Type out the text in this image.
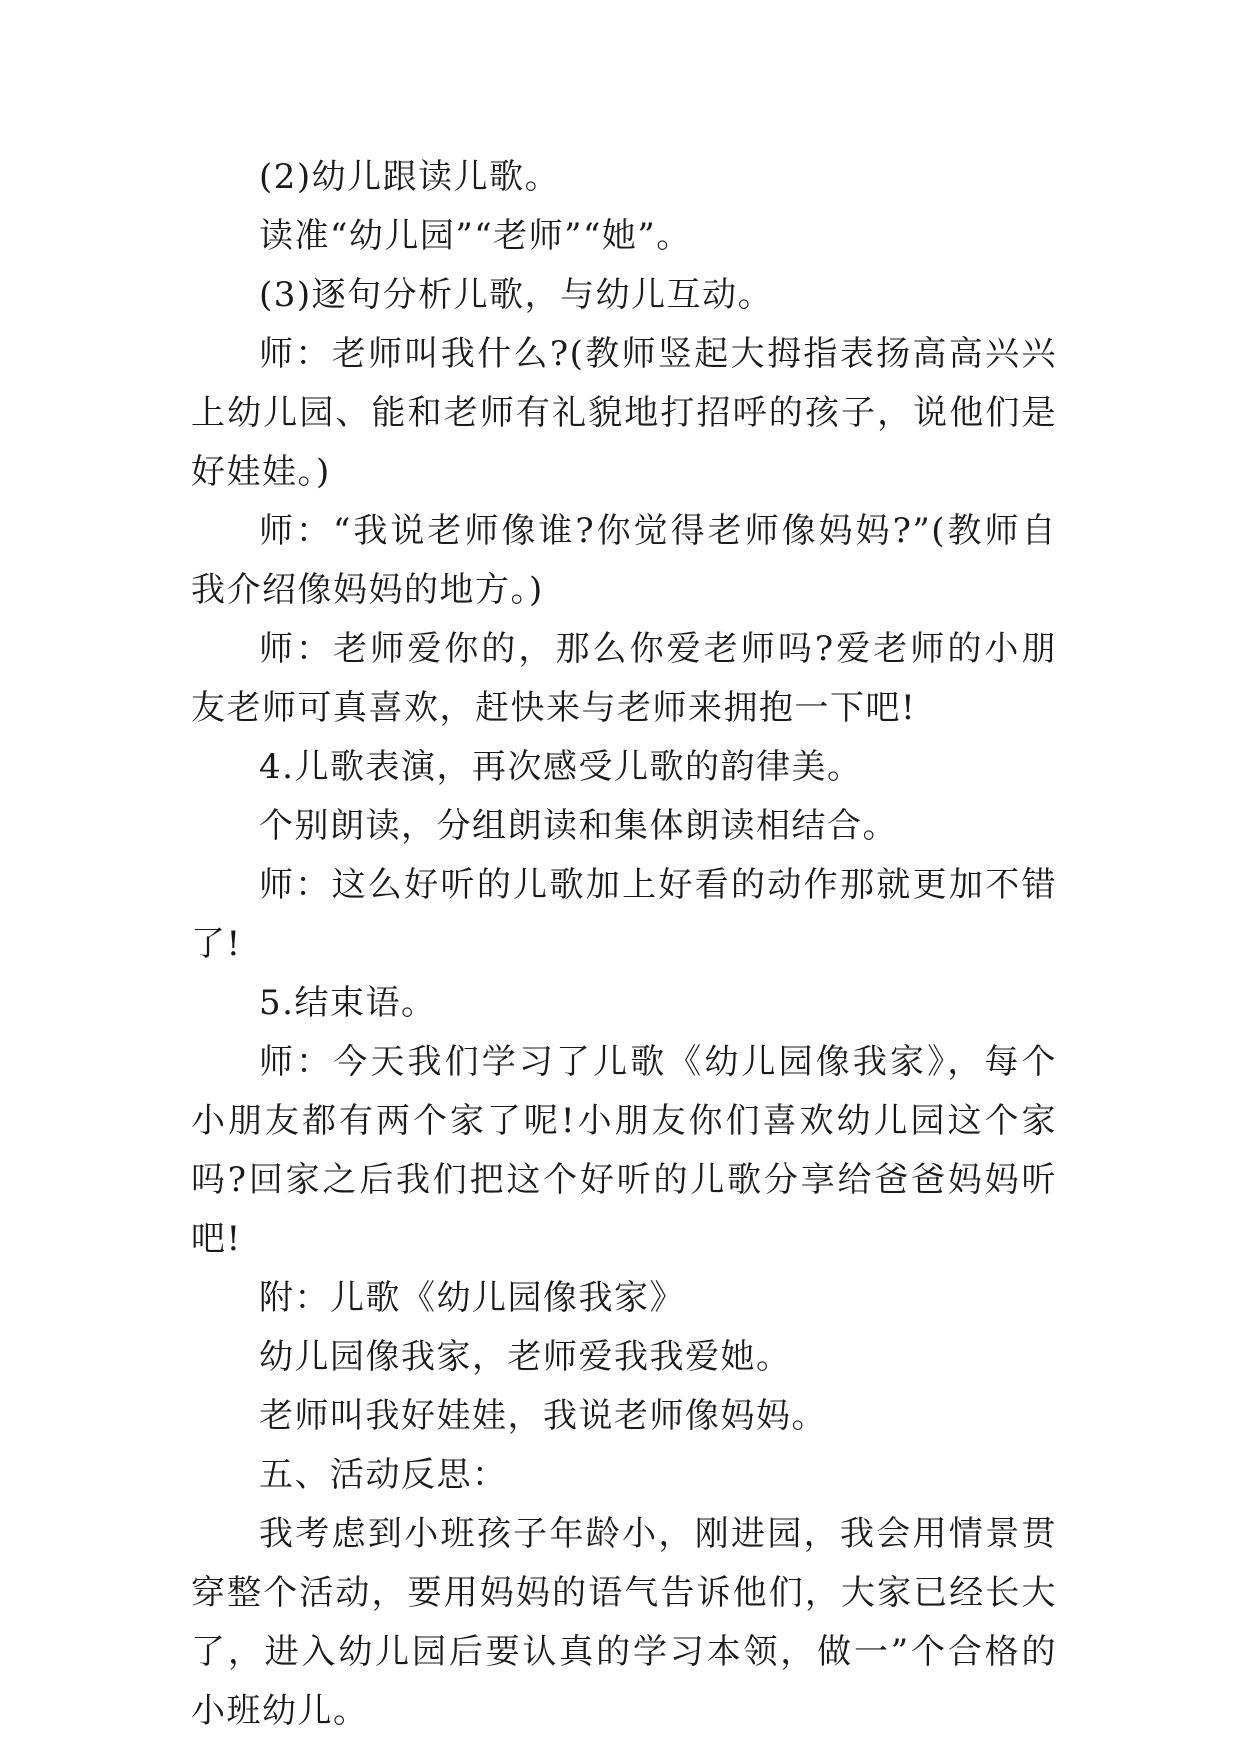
(2)幼儿跟读儿歌。

读准“幼儿园”“老师”“她”。

(3)逐句分析儿歌，与幼儿互动。

师：老师叫我什么?(教师竖起大拇指表扬高高兴兴上幼儿园、能和老师有礼貌地打招呼的孩子，说他们是好娃娃。)

师：“我说老师像谁?你觉得老师像妈妈?”(教师自我介绍像妈妈的地方。)

师：老师爱你的，那么你爱老师吗?爱老师的小朋友老师可真喜欢，赶快来与老师来拥抱一下吧!

4.儿歌表演，再次感受儿歌的韵律美。

个别朗读，分组朗读和集体朗读相结合。

师：这么好听的儿歌加上好看的动作那就更加不错了!

5.结束语。

师：今天我们学习了儿歌《幼儿园像我家》，每个小朋友都有两个家了呢!小朋友你们喜欢幼儿园这个家吗?回家之后我们把这个好听的儿歌分享给爸爸妈妈听吧!

附：儿歌《幼儿园像我家》

幼儿园像我家，老师爱我我爱她。

老师叫我好娃娃，我说老师像妈妈。

五、活动反思：

我考虑到小班孩子年龄小，刚进园，我会用情景贯穿整个活动，要用妈妈的语气告诉他们，大家已经长大了，进入幼儿园后要认真的学习本领，做一”个合格的小班幼儿。
